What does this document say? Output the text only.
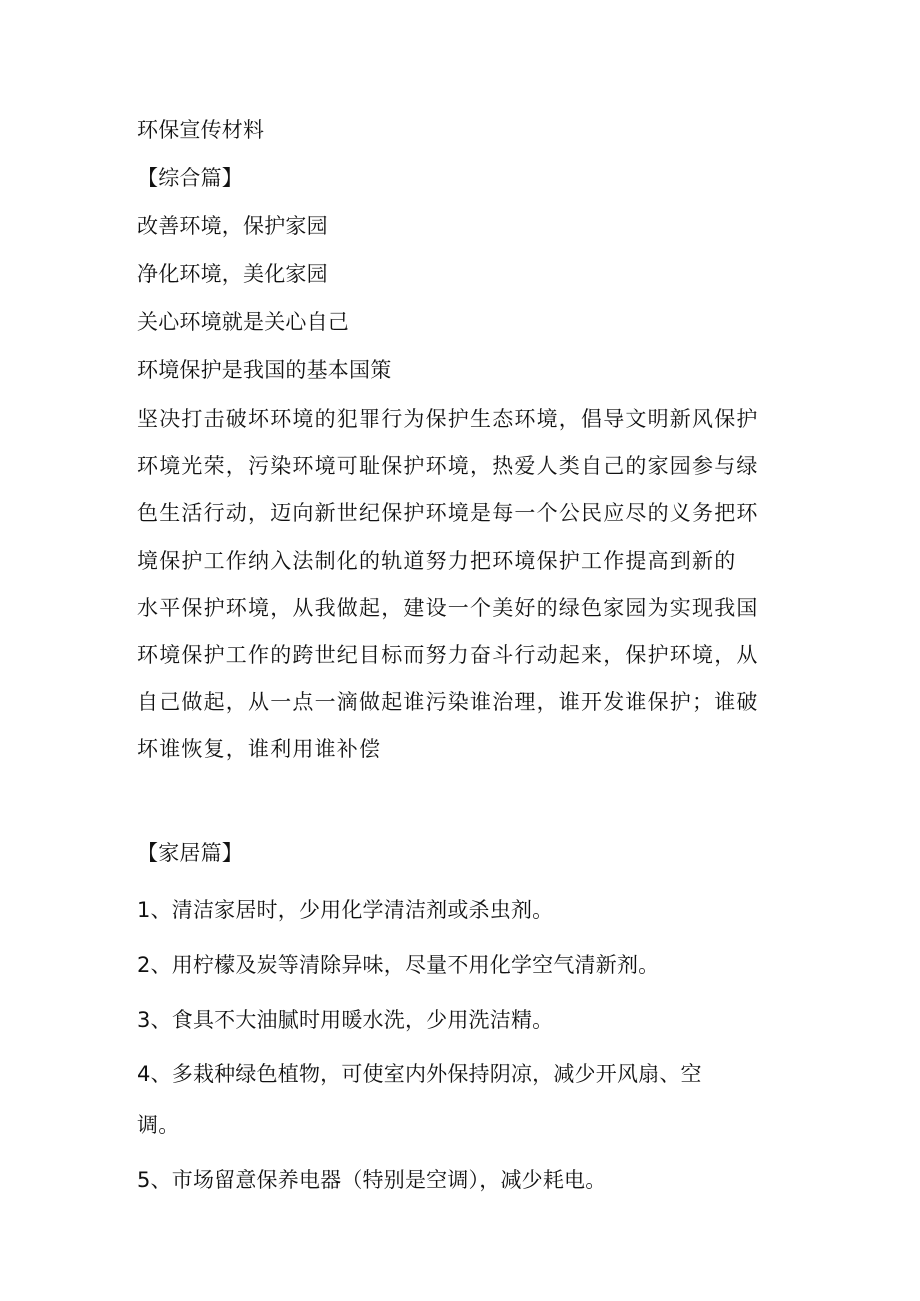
环保宣传材料
【综合篇】
改善环境，保护家园
净化环境，美化家园
关心环境就是关心自己
环境保护是我国的基本国策
坚决打击破坏环境的犯罪行为保护生态环境，倡导文明新风保护
环境光荣，污染环境可耻保护环境，热爱人类自己的家园参与绿
色生活行动，迈向新世纪保护环境是每一个公民应尽的义务把环
境保护工作纳入法制化的轨道努力把环境保护工作提高到新的
水平保护环境，从我做起，建设一个美好的绿色家园为实现我国
环境保护工作的跨世纪目标而努力奋斗行动起来，保护环境，从
自己做起，从一点一滴做起谁污染谁治理，谁开发谁保护；谁破
坏谁恢复，谁利用谁补偿
【家居篇】
1、清洁家居时，少用化学清洁剂或杀虫剂。
2、用柠檬及炭等清除异味，尽量不用化学空气清新剂。
3、食具不大油腻时用暖水洗，少用洗洁精。
4、多栽种绿色植物，可使室内外保持阴凉，减少开风扇、空
调。
5、市场留意保养电器（特别是空调），减少耗电。
